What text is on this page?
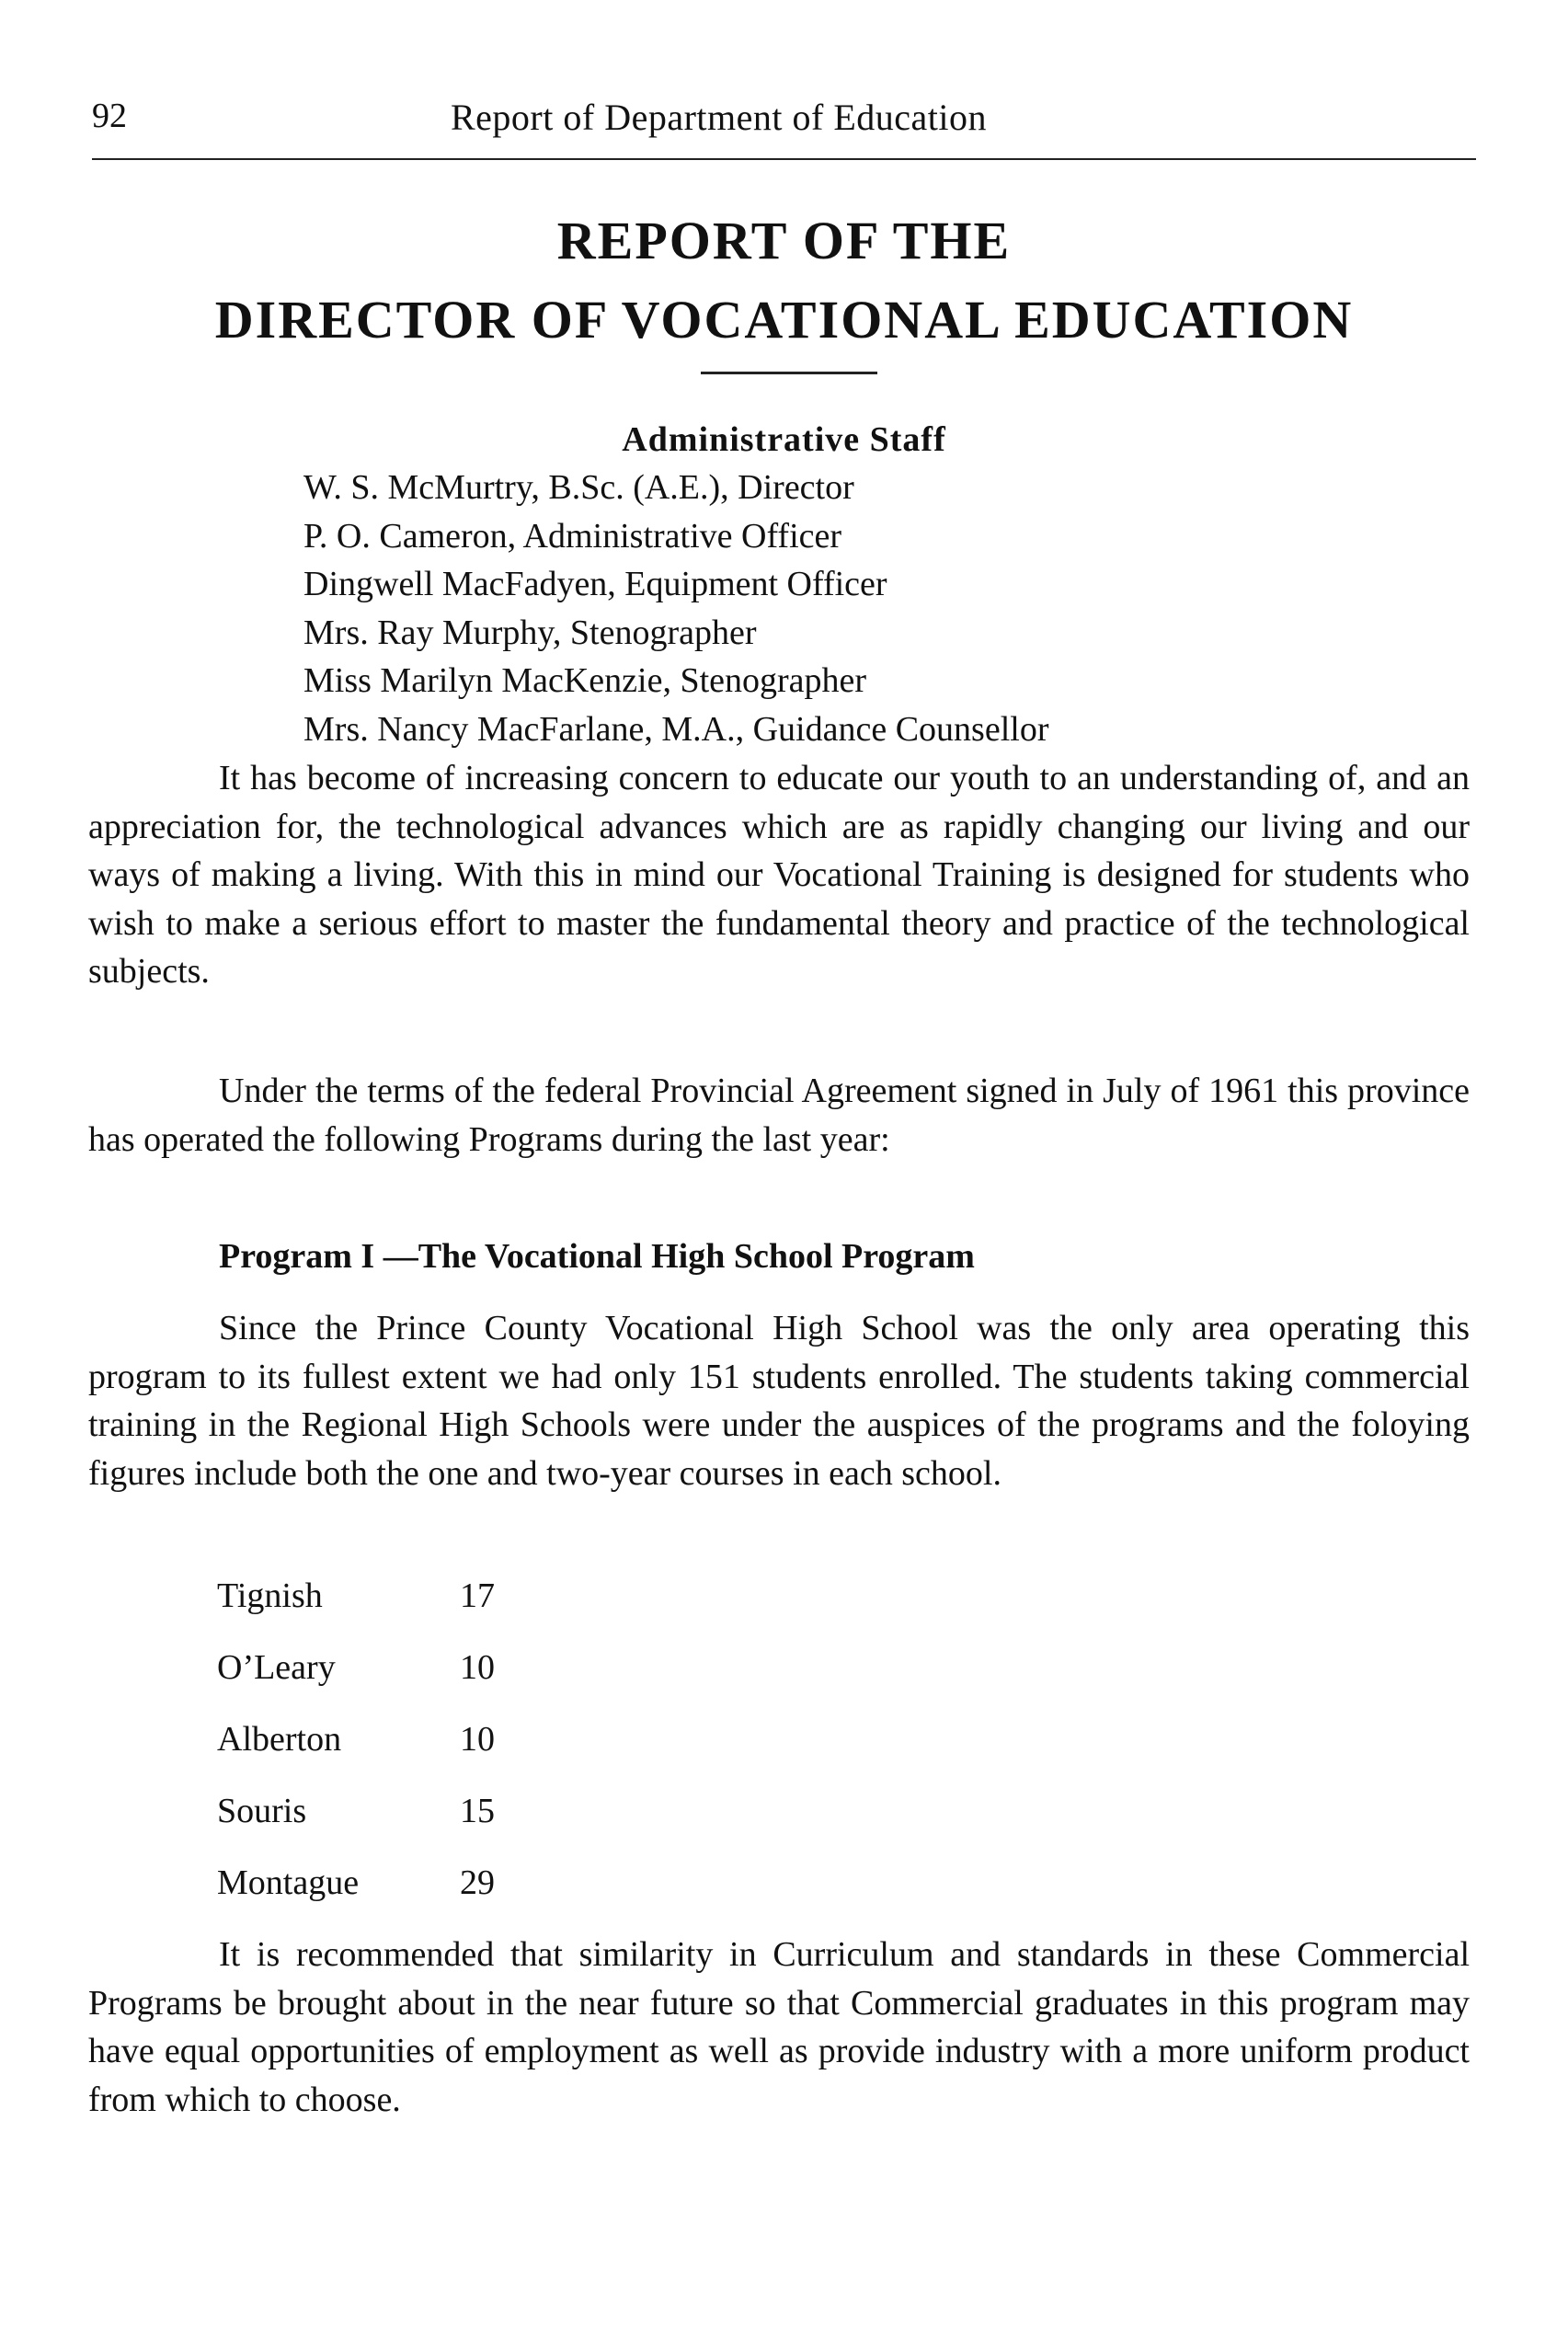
92	Report of Department of Education
REPORT OF THE
DIRECTOR OF VOCATIONAL EDUCATION
Administrative Staff
W. S. McMurtry, B.Sc. (A.E.), Director
P. O. Cameron, Administrative Officer
Dingwell MacFadyen, Equipment Officer
Mrs. Ray Murphy, Stenographer
Miss Marilyn MacKenzie, Stenographer
Mrs. Nancy MacFarlane, M.A., Guidance Counsellor

It has become of increasing concern to educate our youth to an understanding of, and an appreciation for, the technological advances which are as rapidly changing our living and our ways of making a living. With this in mind our Vocational Training is designed for students who wish to make a serious effort to master the fundamental theory and practice of the technological subjects.

Under the terms of the federal Provincial Agreement signed in July of 1961 this province has operated the following Programs during the last year:

Program I —The Vocational High School Program

Since the Prince County Vocational High School was the only area operating this program to its fullest extent we had only 151 students enrolled. The students taking commercial training in the Regional High Schools were under the auspices of the programs and the foloying figures include both the one and two-year courses in each school.

Tignish	17
O’Leary	10
Alberton	10
Souris	15
Montague	29

It is recommended that similarity in Curriculum and standards in these Commercial Programs be brought about in the near future so that Commercial graduates in this program may have equal opportunities of employment as well as provide industry with a more uniform product from which to choose.
